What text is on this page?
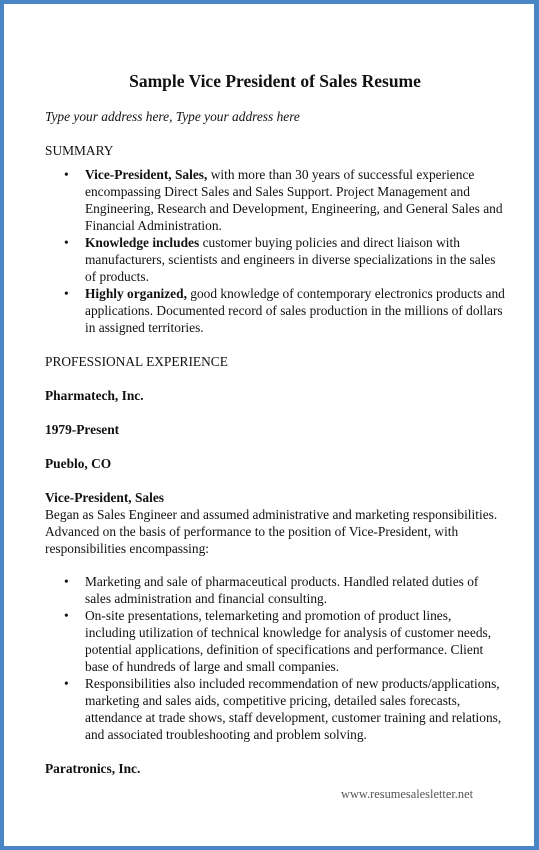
Sample Vice President of Sales Resume
Type your address here, Type your address here
SUMMARY
• Vice-President, Sales, with more than 30 years of successful experience encompassing Direct Sales and Sales Support. Project Management and Engineering, Research and Development, Engineering, and General Sales and Financial Administration.
• Knowledge includes customer buying policies and direct liaison with manufacturers, scientists and engineers in diverse specializations in the sales of products.
• Highly organized, good knowledge of contemporary electronics products and applications. Documented record of sales production in the millions of dollars in assigned territories.
PROFESSIONAL EXPERIENCE
Pharmatech, Inc.
1979-Present
Pueblo, CO
Vice-President, Sales
Began as Sales Engineer and assumed administrative and marketing responsibilities. Advanced on the basis of performance to the position of Vice-President, with responsibilities encompassing:
• Marketing and sale of pharmaceutical products. Handled related duties of sales administration and financial consulting.
• On-site presentations, telemarketing and promotion of product lines, including utilization of technical knowledge for analysis of customer needs, potential applications, definition of specifications and performance. Client base of hundreds of large and small companies.
• Responsibilities also included recommendation of new products/applications, marketing and sales aids, competitive pricing, detailed sales forecasts, attendance at trade shows, staff development, customer training and relations, and associated troubleshooting and problem solving.
Paratronics, Inc.
www.resumesalesletter.net
